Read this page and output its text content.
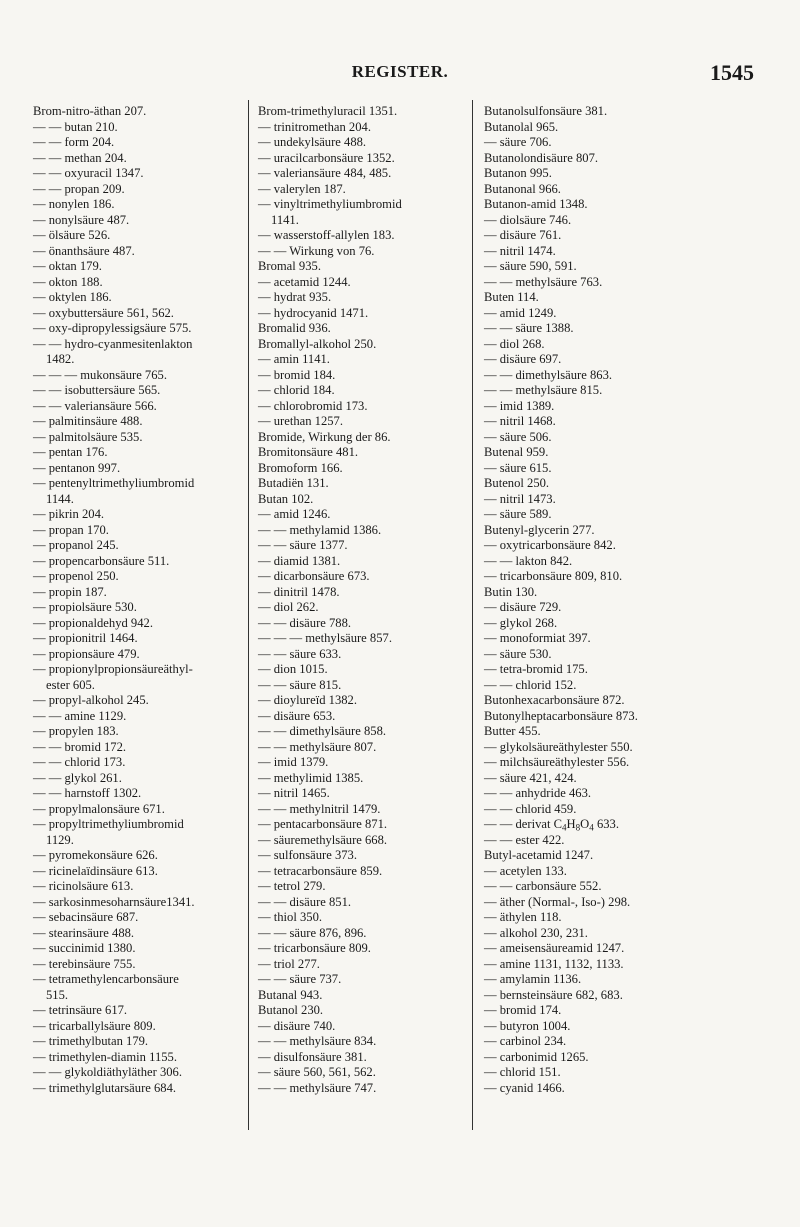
REGISTER.	1545
Brom-nitro-äthan 207.
— — butan 210.
— — form 204.
— — methan 204.
— — oxyuracil 1347.
— — propan 209.
— nonylen 186.
— nonylsäure 487.
— ölsäure 526.
— önanthsäure 487.
— oktan 179.
— okton 188.
— oktylen 186.
— oxybuttersäure 561, 562.
— oxy-dipropylessigsäure 575.
— — hydro-cyanmesitenlakton
1482.
— — — mukonsäure 765.
— — isobuttersäure 565.
— — valeriansäure 566.
— palmitinsäure 488.
— palmitolsäure 535.
— pentan 176.
— pentanon 997.
— pentenyltrimethyliumbromid
1144.
— pikrin 204.
— propan 170.
— propanol 245.
— propencarbonsäure 511.
— propenol 250.
— propin 187.
— propiolsäure 530.
— propionaldehyd 942.
— propionitril 1464.
— propionsäure 479.
— propionylpropionsäureäthyl-
ester 605.
— propyl-alkohol 245.
— — amine 1129.
— propylen 183.
— — bromid 172.
— — chlorid 173.
— — glykol 261.
— — harnstoff 1302.
— propylmalonsäure 671.
— propyltrimethyliumbromid
1129.
— pyromekonsäure 626.
— ricinelaïdinsäure 613.
— ricinolsäure 613.
— sarkosinmesoharnsäure1341.
— sebacinsäure 687.
— stearinsäure 488.
— succinimid 1380.
— terebinsäure 755.
— tetramethylencarbonsäure
515.
— tetrinsäure 617.
— tricarballylsäure 809.
— trimethylbutan 179.
— trimethylen-diamin 1155.
— — glykoldiäthyläther 306.
— trimethylglutarsäure 684.
Brom-trimethyluracil 1351.
— trinitromethan 204.
— undekylsäure 488.
— uracilcarbonsäure 1352.
— valeriansäure 484, 485.
— valerylen 187.
— vinyltrimethyliumbromid
1141.
— wasserstoff-allylen 183.
— — Wirkung von 76.
Bromal 935.
— acetamid 1244.
— hydrat 935.
— hydrocyanid 1471.
Bromalid 936.
Bromallyl-alkohol 250.
— amin 1141.
— bromid 184.
— chlorid 184.
— chlorobromid 173.
— urethan 1257.
Bromide, Wirkung der 86.
Bromitonsäure 481.
Bromoform 166.
Butadiën 131.
Butan 102.
— amid 1246.
— — methylamid 1386.
— — säure 1377.
— diamid 1381.
— dicarbonsäure 673.
— dinitril 1478.
— diol 262.
— — disäure 788.
— — — methylsäure 857.
— — säure 633.
— dion 1015.
— — säure 815.
— dioylureïd 1382.
— disäure 653.
— — dimethylsäure 858.
— — methylsäure 807.
— imid 1379.
— methylimid 1385.
— nitril 1465.
— — methylnitril 1479.
— pentacarbonsäure 871.
— säuremethylsäure 668.
— sulfonsäure 373.
— tetracarbonsäure 859.
— tetrol 279.
— — disäure 851.
— thiol 350.
— — säure 876, 896.
— tricarbonsäure 809.
— triol 277.
— — säure 737.
Butanal 943.
Butanol 230.
— disäure 740.
— — methylsäure 834.
— disulfonsäure 381.
— säure 560, 561, 562.
— — methylsäure 747.
Butanolsulfonsäure 381.
Butanolal 965.
— säure 706.
Butanolondisäure 807.
Butanon 995.
Butanonal 966.
Butanon-amid 1348.
— diolsäure 746.
— disäure 761.
— nitril 1474.
— säure 590, 591.
— — methylsäure 763.
Buten 114.
— amid 1249.
— — säure 1388.
— diol 268.
— disäure 697.
— — dimethylsäure 863.
— — methylsäure 815.
— imid 1389.
— nitril 1468.
— säure 506.
Butenal 959.
— säure 615.
Butenol 250.
— nitril 1473.
— säure 589.
Butenyl-glycerin 277.
— oxytricarbonsäure 842.
— — lakton 842.
— tricarbonsäure 809, 810.
Butin 130.
— disäure 729.
— glykol 268.
— monoformiat 397.
— säure 530.
— tetra-bromid 175.
— — chlorid 152.
Butonhexacarbonsäure 872.
Butonylheptacarbonsäure 873.
Butter 455.
— glykolsäureäthylester 550.
— milchsäureäthylester 556.
— säure 421, 424.
— — anhydride 463.
— — chlorid 459.
— — derivat $C_4H_8O_4$ 633.
— — ester 422.
Butyl-acetamid 1247.
— acetylen 133.
— — carbonsäure 552.
— äther (Normal-, Iso-) 298.
— äthylen 118.
— alkohol 230, 231.
— ameisensäureamid 1247.
— amine 1131, 1132, 1133.
— amylamin 1136.
— bernsteinsäure 682, 683.
— bromid 174.
— butyron 1004.
— carbinol 234.
— carbonimid 1265.
— chlorid 151.
— cyanid 1466.
